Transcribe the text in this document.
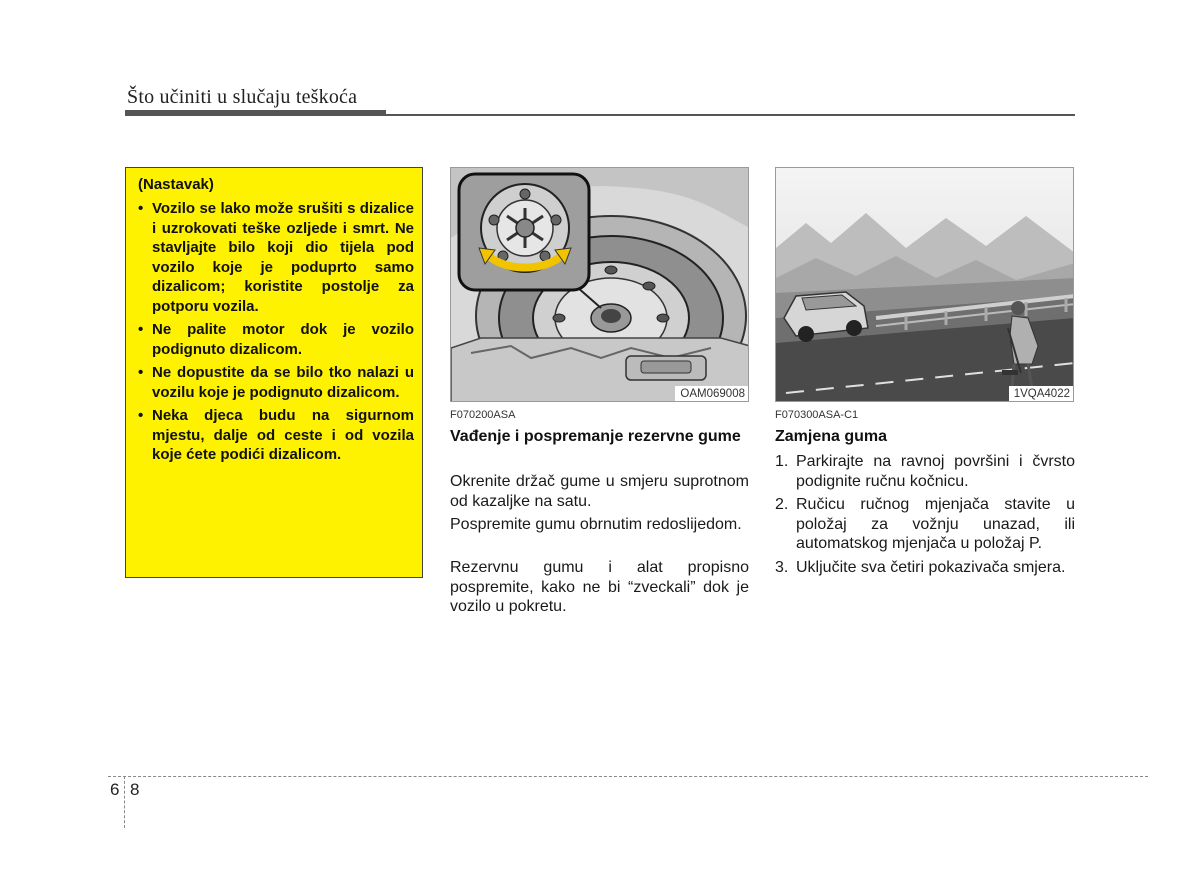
Što učiniti u slučaju teškoća
(Nastavak)
• Vozilo se lako može srušiti s dizalice i uzrokovati teške ozljede i smrt. Ne stavljajte bilo koji dio tijela pod vozilo koje je poduprto samo dizalicom; koristite postolje za potporu vozila.
• Ne palite motor dok je vozilo podignuto dizalicom.
• Ne dopustite da se bilo tko nalazi u vozilu koje je podignuto dizalicom.
• Neka djeca budu na sigurnom mjestu, dalje od ceste i od vozila koje ćete podići dizalicom.
OAM069008	1VQA4022
F070200ASA
Vađenje i pospremanje rezervne gume

Okrenite držač gume u smjeru suprotnom od kazaljke na satu.

Pospremite gumu obrnutim redoslijedom.

Rezervnu gumu i alat propisno pospremite, kako ne bi “zveckali” dok je vozilo u pokretu.

F070300ASA-C1
Zamjena guma
1. Parkirajte na ravnoj površini i čvrsto podignite ručnu kočnicu.
2. Ručicu ručnog mjenjača stavite u položaj za vožnju unazad, ili automatskog mjenjača u položaj P.
3. Uključite sva četiri pokazivača smjera.
6 8
